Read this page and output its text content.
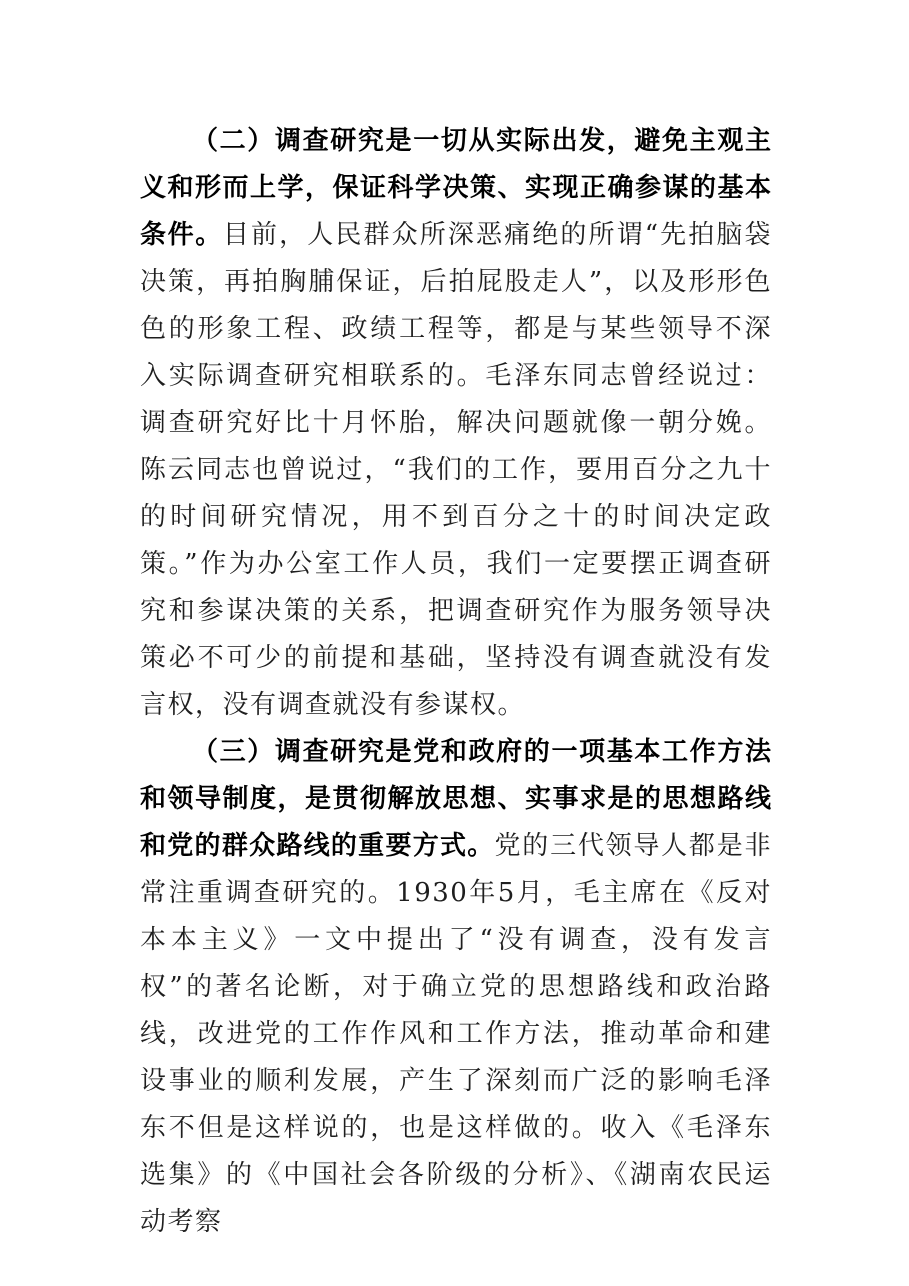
（二）调查研究是一切从实际出发，避免主观主义和形而上学，保证科学决策、实现正确参谋的基本条件。目前，人民群众所深恶痛绝的所谓“先拍脑袋决策，再拍胸脯保证，后拍屁股走人”，以及形形色色的形象工程、政绩工程等，都是与某些领导不深入实际调查研究相联系的。毛泽东同志曾经说过：调查研究好比十月怀胎，解决问题就像一朝分娩。陈云同志也曾说过，“我们的工作，要用百分之九十的时间研究情况，用不到百分之十的时间决定政策。”作为办公室工作人员，我们一定要摆正调查研究和参谋决策的关系，把调查研究作为服务领导决策必不可少的前提和基础，坚持没有调查就没有发言权，没有调查就没有参谋权。

（三）调查研究是党和政府的一项基本工作方法和领导制度，是贯彻解放思想、实事求是的思想路线和党的群众路线的重要方式。党的三代领导人都是非常注重调查研究的。1930年5月，毛主席在《反对本本主义》一文中提出了“没有调查，没有发言权”的著名论断，对于确立党的思想路线和政治路线，改进党的工作作风和工作方法，推动革命和建设事业的顺利发展，产生了深刻而广泛的影响毛泽东不但是这样说的，也是这样做的。收入《毛泽东选集》的《中国社会各阶级的分析》、《湖南农民运动考察
